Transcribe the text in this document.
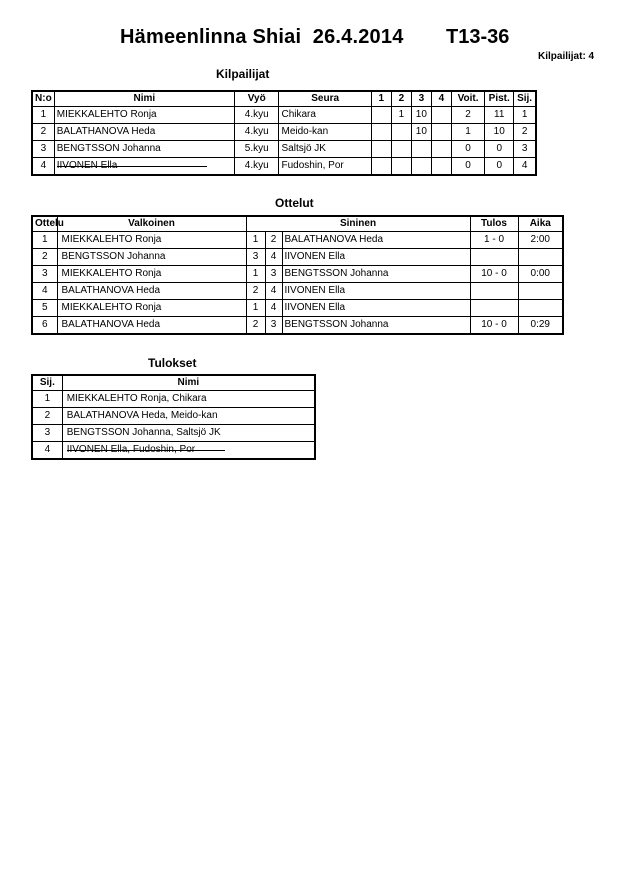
Hämeenlinna Shiai  26.4.2014 T13-36
Kilpailijat: 4
Kilpailijat
N:o	Nimi	Vyö	Seura	1	2	3	4	Voit.	Pist.	Sij.
1	MIEKKALEHTO Ronja	4.kyu	Chikara		1	10		2	11	1
2	BALATHANOVA Heda	4.kyu	Meido-kan			10		1	10	2
3	BENGTSSON Johanna	5.kyu	Saltsjö JK					0	0	3
4	IIVONEN Ella	4.kyu	Fudoshin, Por					0	0	4
Ottelut
Ottelu	Valkoinen	Sininen			Tulos	Aika
1	MIEKKALEHTO Ronja	1	2	BALATHANOVA Heda	1 - 0	2:00
2	BENGTSSON Johanna	3	4	IIVONEN Ella		
3	MIEKKALEHTO Ronja	1	3	BENGTSSON Johanna	10 - 0	0:00
4	BALATHANOVA Heda	2	4	IIVONEN Ella		
5	MIEKKALEHTO Ronja	1	4	IIVONEN Ella		
6	BALATHANOVA Heda	2	3	BENGTSSON Johanna	10 - 0	0:29
Tulokset
Sij.	Nimi
1	MIEKKALEHTO Ronja, Chikara
2	BALATHANOVA Heda, Meido-kan
3	BENGTSSON Johanna, Saltsjö JK
4	IIVONEN Ella, Fudoshin, Por
